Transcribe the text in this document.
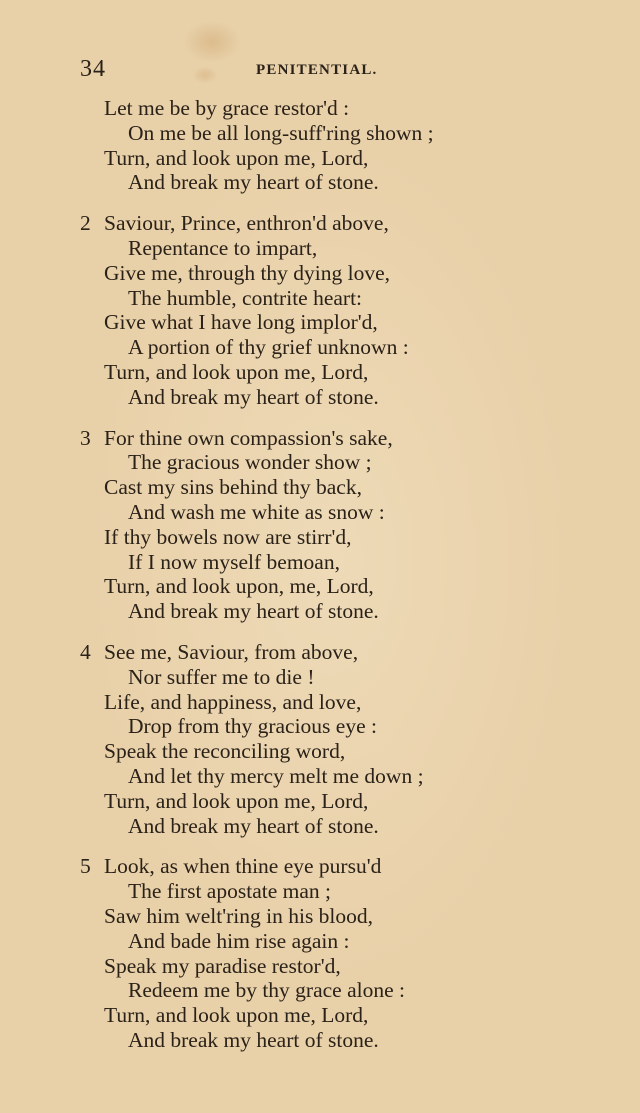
34	PENITENTIAL.
Let me be by grace restor'd :
On me be all long-suff'ring shown ;
Turn, and look upon me, Lord,
And break my heart of stone.
2 Saviour, Prince, enthron'd above,
Repentance to impart,
Give me, through thy dying love,
The humble, contrite heart:
Give what I have long implor'd,
A portion of thy grief unknown :
Turn, and look upon me, Lord,
And break my heart of stone.
3 For thine own compassion's sake,
The gracious wonder show ;
Cast my sins behind thy back,
And wash me white as snow :
If thy bowels now are stirr'd,
If I now myself bemoan,
Turn, and look upon, me, Lord,
And break my heart of stone.
4 See me, Saviour, from above,
Nor suffer me to die !
Life, and happiness, and love,
Drop from thy gracious eye :
Speak the reconciling word,
And let thy mercy melt me down ;
Turn, and look upon me, Lord,
And break my heart of stone.
5 Look, as when thine eye pursu'd
The first apostate man ;
Saw him welt'ring in his blood,
And bade him rise again :
Speak my paradise restor'd,
Redeem me by thy grace alone :
Turn, and look upon me, Lord,
And break my heart of stone.
